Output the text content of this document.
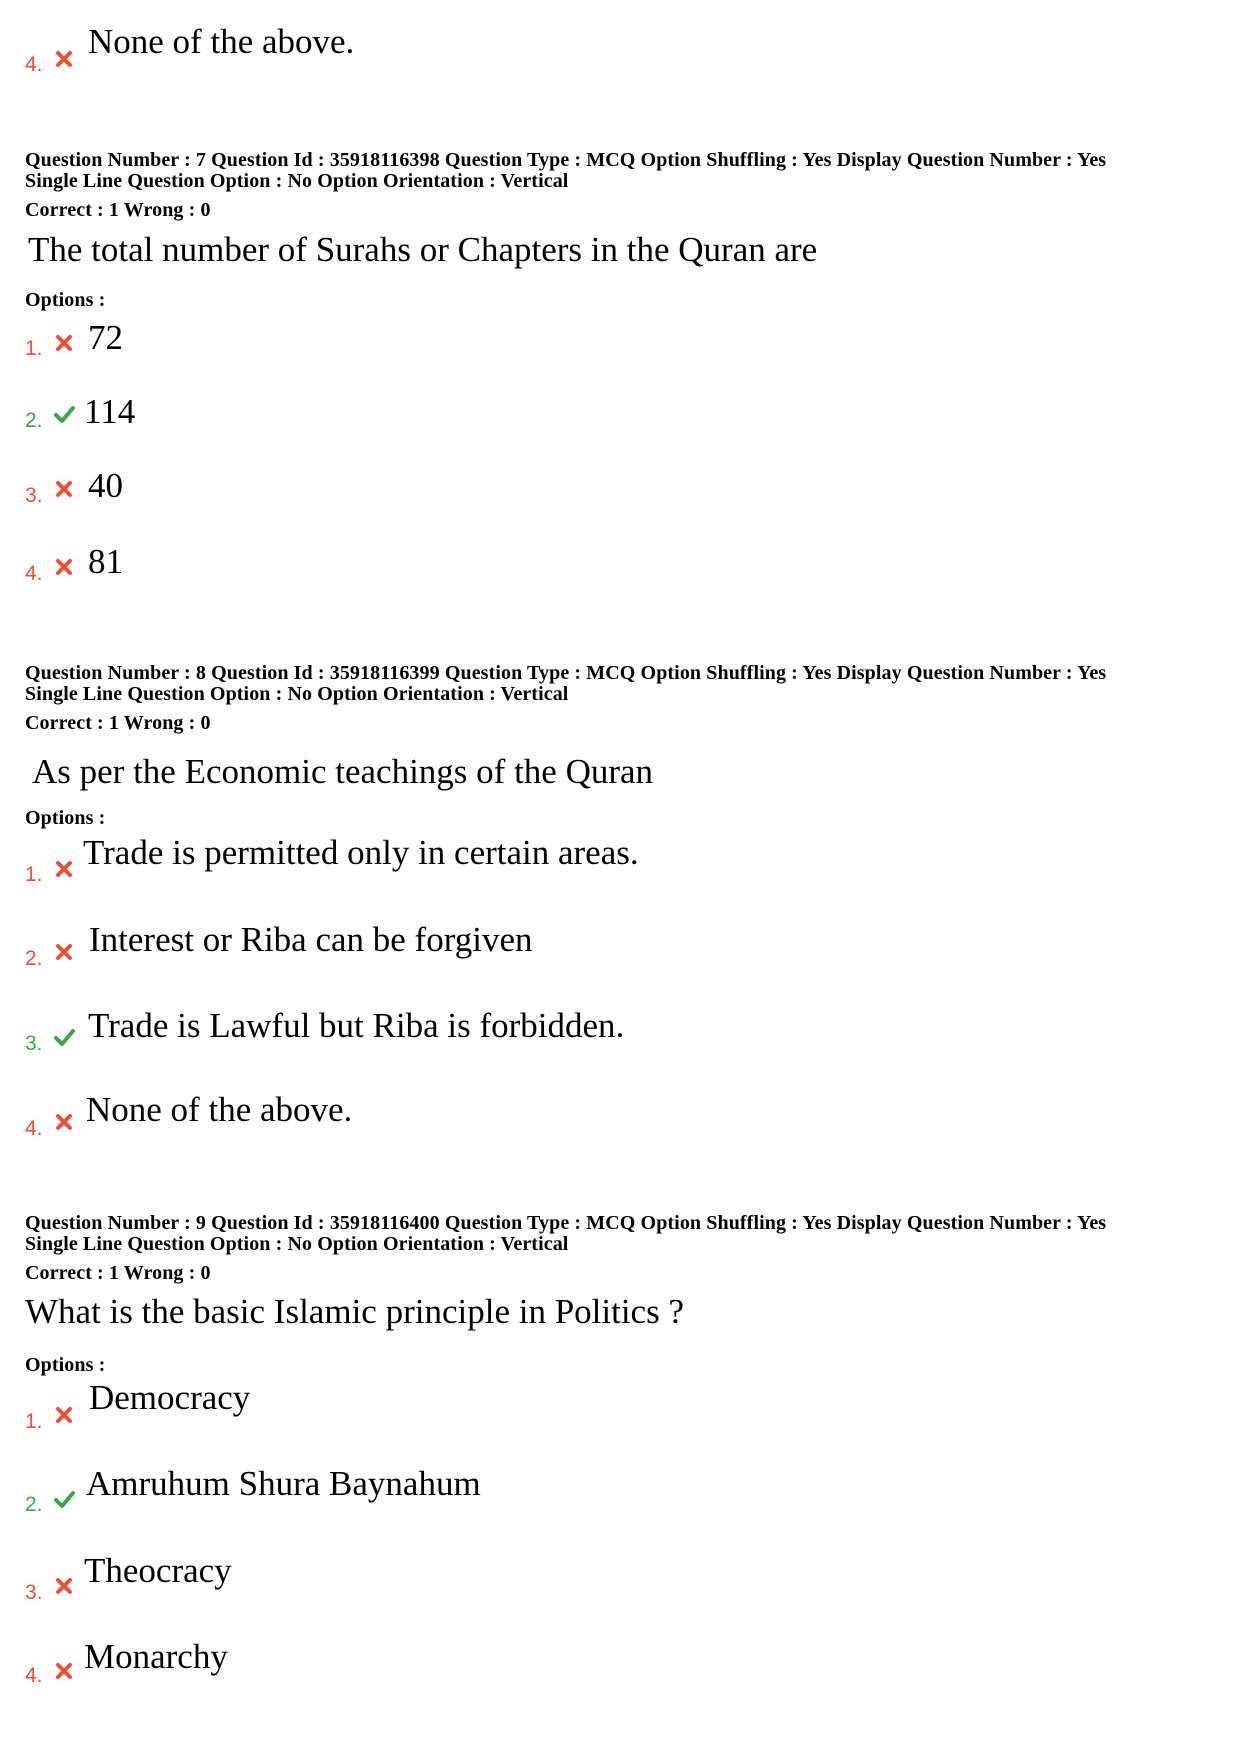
4.
None of the above.
Question Number : 7 Question Id : 35918116398 Question Type : MCQ Option Shuffling : Yes Display Question Number : Yes
Single Line Question Option : No Option Orientation : Vertical
Correct : 1 Wrong : 0
The total number of Surahs or Chapters in the Quran are
Options :
1. 72
2. 114
3. 40
4. 81
Question Number : 8 Question Id : 35918116399 Question Type : MCQ Option Shuffling : Yes Display Question Number : Yes
Single Line Question Option : No Option Orientation : Vertical
Correct : 1 Wrong : 0
As per the Economic teachings of the Quran
Options :
1.
Trade is permitted only in certain areas.
2. Interest or Riba can be forgiven
3. Trade is Lawful but Riba is forbidden.
4. None of the above.
Question Number : 9 Question Id : 35918116400 Question Type : MCQ Option Shuffling : Yes Display Question Number : Yes
Single Line Question Option : No Option Orientation : Vertical
Correct : 1 Wrong : 0
What is the basic Islamic principle in Politics ?
Options :
1.
Democracy
2.
Amruhum Shura Baynahum
3.
Theocracy
4. Monarchy
